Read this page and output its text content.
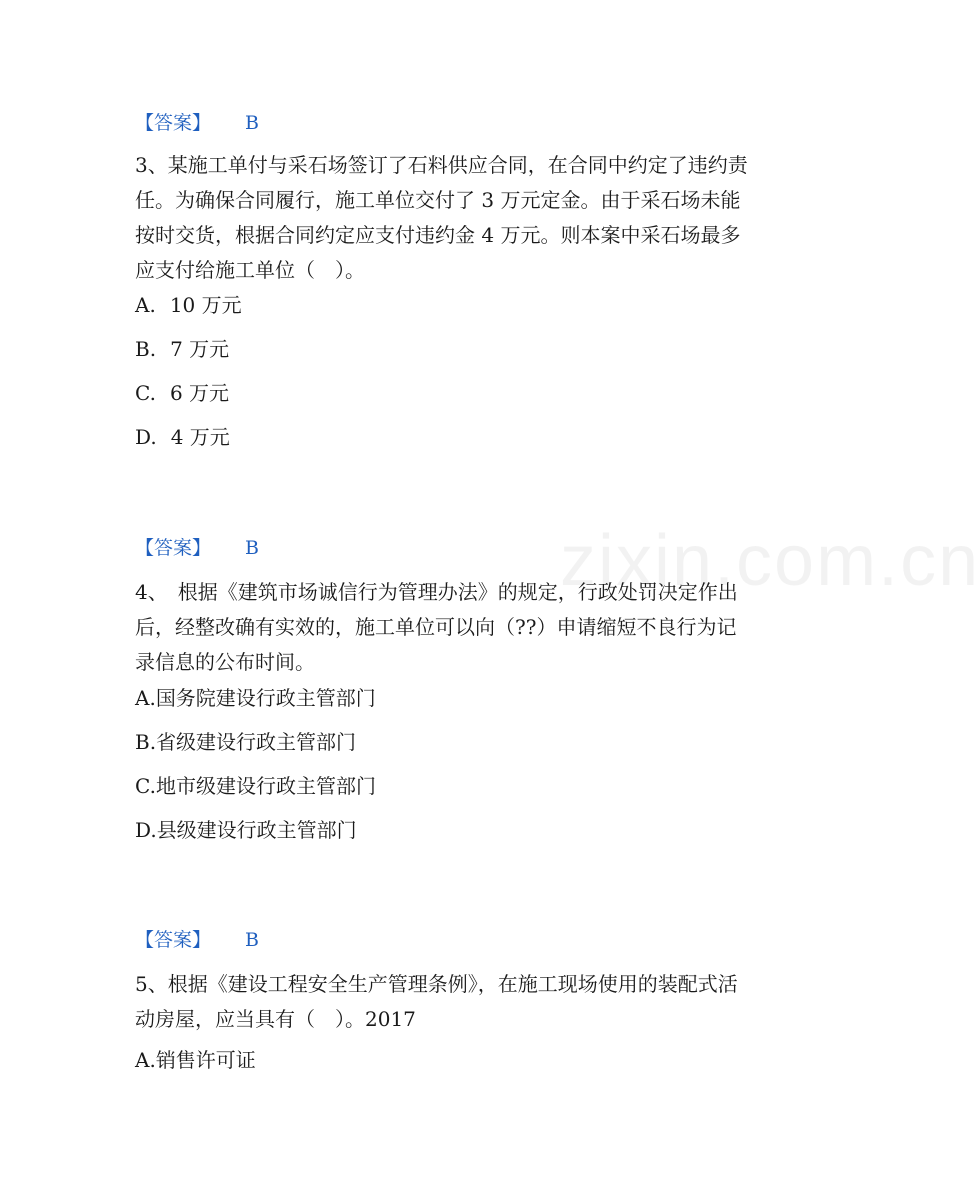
zixin.com.cn
【答案】 B
3、某施工单付与采石场签订了石料供应合同，在合同中约定了违约责
任。为确保合同履行，施工单位交付了 3 万元定金。由于采石场未能
按时交货，根据合同约定应支付违约金 4 万元。则本案中采石场最多
应支付给施工单位（　）。
A. 10 万元
B. 7 万元
C. 6 万元
D. 4 万元
【答案】 B
4、　根据《建筑市场诚信行为管理办法》的规定，行政处罚决定作出
后，经整改确有实效的，施工单位可以向（??）申请缩短不良行为记
录信息的公布时间。
A.国务院建设行政主管部门
B.省级建设行政主管部门
C.地市级建设行政主管部门
D.县级建设行政主管部门
【答案】 B
5、根据《建设工程安全生产管理条例》，在施工现场使用的装配式活
动房屋，应当具有（　）。2017
A.销售许可证
